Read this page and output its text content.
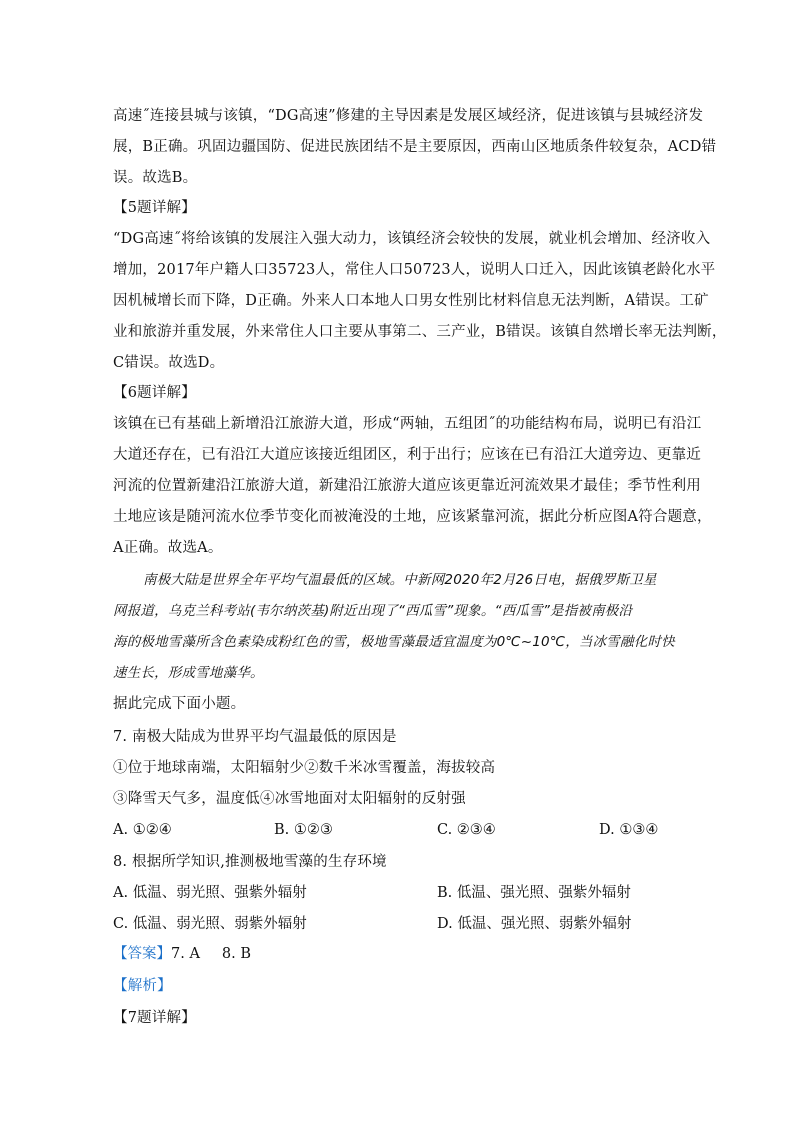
高速˝连接县城与该镇，“DG高速”修建的主导因素是发展区域经济，促进该镇与县城经济发
展，B正确。巩固边疆国防、促进民族团结不是主要原因，西南山区地质条件较复杂，ACD错
误。故选B。
【5题详解】
“DG高速˝将给该镇的发展注入强大动力，该镇经济会较快的发展，就业机会增加、经济收入
增加，2017年户籍人口35723人，常住人口50723人，说明人口迁入，因此该镇老龄化水平
因机械增长而下降，D正确。外来人口本地人口男女性别比材料信息无法判断，A错误。工矿
业和旅游并重发展，外来常住人口主要从事第二、三产业，B错误。该镇自然增长率无法判断，
C错误。故选D。
【6题详解】
该镇在已有基础上新增沿江旅游大道，形成“两轴，五组团˝的功能结构布局，说明已有沿江
大道还存在，已有沿江大道应该接近组团区，利于出行；应该在已有沿江大道旁边、更靠近
河流的位置新建沿江旅游大道，新建沿江旅游大道应该更靠近河流效果才最佳；季节性利用
土地应该是随河流水位季节变化而被淹没的土地，应该紧靠河流，据此分析应图A符合题意，
A正确。故选A。
南极大陆是世界全年平均气温最低的区域。中新网2020年2月26日电，据俄罗斯卫星
网报道，乌克兰科考站(韦尔纳茨基)附近出现了“西瓜雪”现象。“西瓜雪”是指被南极沿
海的极地雪藻所含色素染成粉红色的雪，极地雪藻最适宜温度为0℃~10℃，当冰雪融化时快
速生长，形成雪地藻华。
据此完成下面小题。
7. 南极大陆成为世界平均气温最低的原因是
①位于地球南端，太阳辐射少②数千米冰雪覆盖，海拔较高
③降雪天气多，温度低④冰雪地面对太阳辐射的反射强
A. ①②④	B. ①②③	C. ②③④	D. ①③④
8. 根据所学知识,推测极地雪藻的生存环境
A. 低温、弱光照、强紫外辐射	B. 低温、强光照、强紫外辐射
C. 低温、弱光照、弱紫外辐射	D. 低温、强光照、弱紫外辐射
【答案】7. A 8. B
【解析】
【7题详解】
